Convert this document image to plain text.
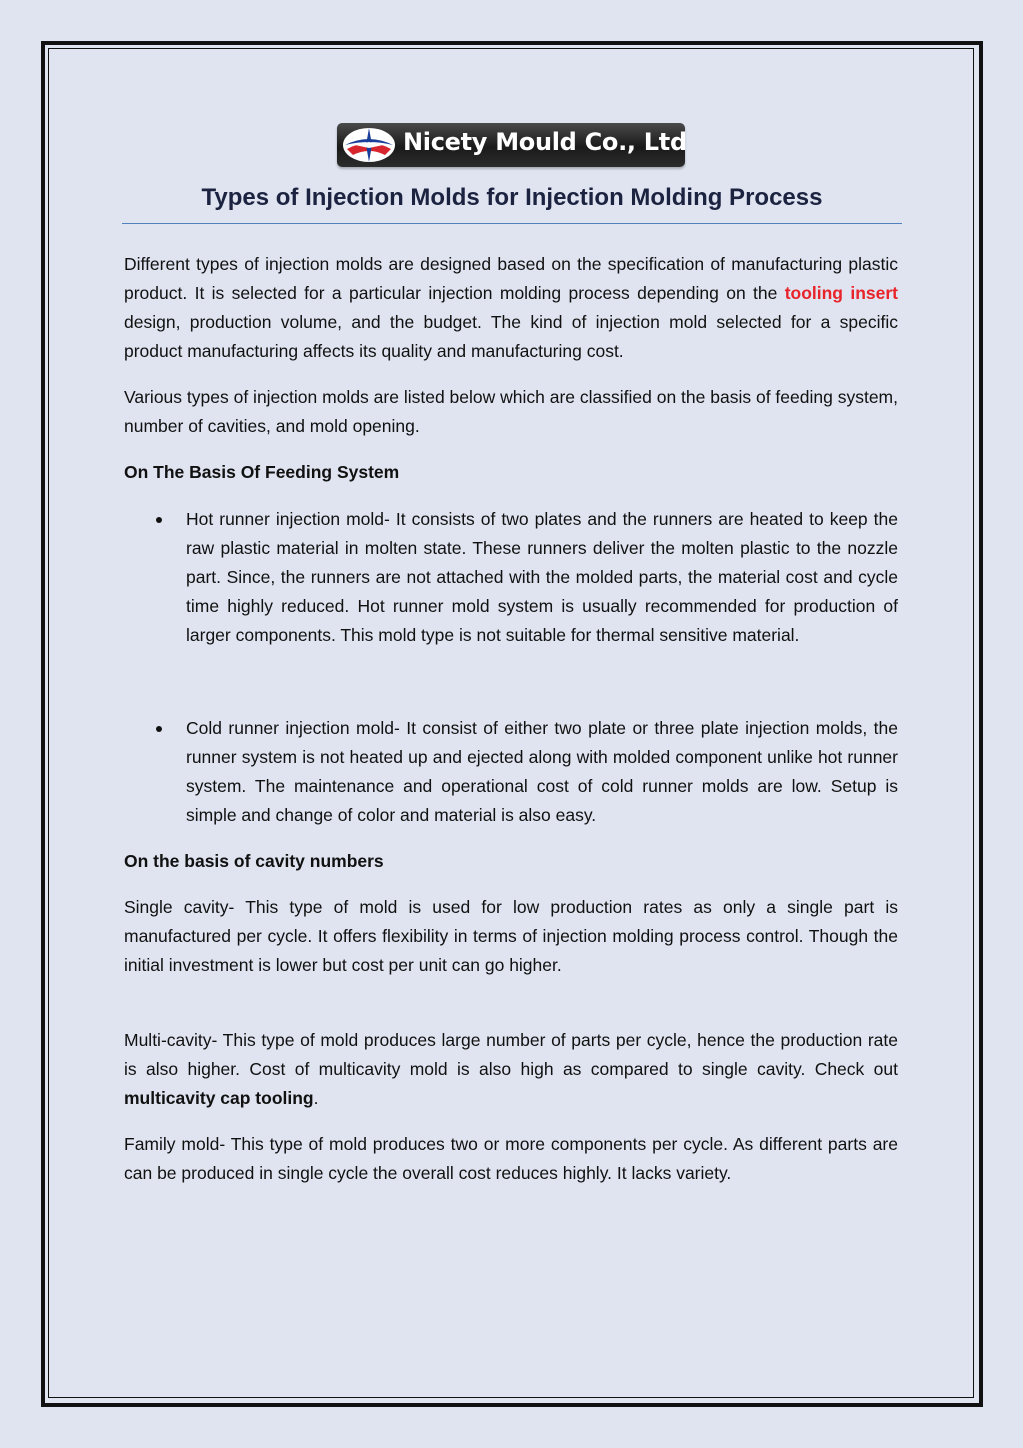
Nicety Mould Co., Ltd
Types of Injection Molds for Injection Molding Process

Different types of injection molds are designed based on the specification of manufacturing plastic product. It is selected for a particular injection molding process depending on the tooling insert design, production volume, and the budget. The kind of injection mold selected for a specific product manufacturing affects its quality and manufacturing cost.

Various types of injection molds are listed below which are classified on the basis of feeding system, number of cavities, and mold opening.

On The Basis Of Feeding System

Hot runner injection mold- It consists of two plates and the runners are heated to keep the raw plastic material in molten state. These runners deliver the molten plastic to the nozzle part. Since, the runners are not attached with the molded parts, the material cost and cycle time highly reduced. Hot runner mold system is usually recommended for production of larger components. This mold type is not suitable for thermal sensitive material.
Cold runner injection mold- It consist of either two plate or three plate injection molds, the runner system is not heated up and ejected along with molded component unlike hot runner system. The maintenance and operational cost of cold runner molds are low. Setup is simple and change of color and material is also easy.

On the basis of cavity numbers

Single cavity- This type of mold is used for low production rates as only a single part is manufactured per cycle. It offers flexibility in terms of injection molding process control. Though the initial investment is lower but cost per unit can go higher.

Multi-cavity- This type of mold produces large number of parts per cycle, hence the production rate is also higher. Cost of multicavity mold is also high as compared to single cavity. Check out multicavity cap tooling.

Family mold- This type of mold produces two or more components per cycle. As different parts are can be produced in single cycle the overall cost reduces highly. It lacks variety.
